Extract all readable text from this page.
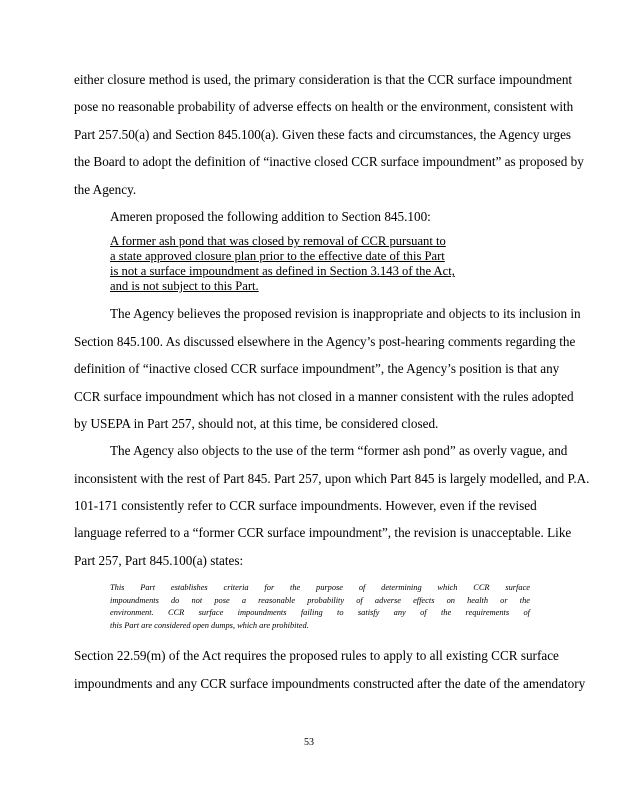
either closure method is used, the primary consideration is that the CCR surface impoundment
pose no reasonable probability of adverse effects on health or the environment, consistent with
Part 257.50(a) and Section 845.100(a). Given these facts and circumstances, the Agency urges
the Board to adopt the definition of “inactive closed CCR surface impoundment” as proposed by
the Agency.
Ameren proposed the following addition to Section 845.100:
A former ash pond that was closed by removal of CCR pursuant to
a state approved closure plan prior to the effective date of this Part
is not a surface impoundment as defined in Section 3.143 of the Act,
and is not subject to this Part.
The Agency believes the proposed revision is inappropriate and objects to its inclusion in
Section 845.100. As discussed elsewhere in the Agency’s post-hearing comments regarding the
definition of “inactive closed CCR surface impoundment”, the Agency’s position is that any
CCR surface impoundment which has not closed in a manner consistent with the rules adopted
by USEPA in Part 257, should not, at this time, be considered closed.
The Agency also objects to the use of the term “former ash pond” as overly vague, and
inconsistent with the rest of Part 845. Part 257, upon which Part 845 is largely modelled, and P.A.
101-171 consistently refer to CCR surface impoundments. However, even if the revised
language referred to a “former CCR surface impoundment”, the revision is unacceptable. Like
Part 257, Part 845.100(a) states:
This Part establishes criteria for the purpose of determining which CCR surface
impoundments do not pose a reasonable probability of adverse effects on health or the
environment. CCR surface impoundments failing to satisfy any of the requirements of
this Part are considered open dumps, which are prohibited.
Section 22.59(m) of the Act requires the proposed rules to apply to all existing CCR surface
impoundments and any CCR surface impoundments constructed after the date of the amendatory
53
